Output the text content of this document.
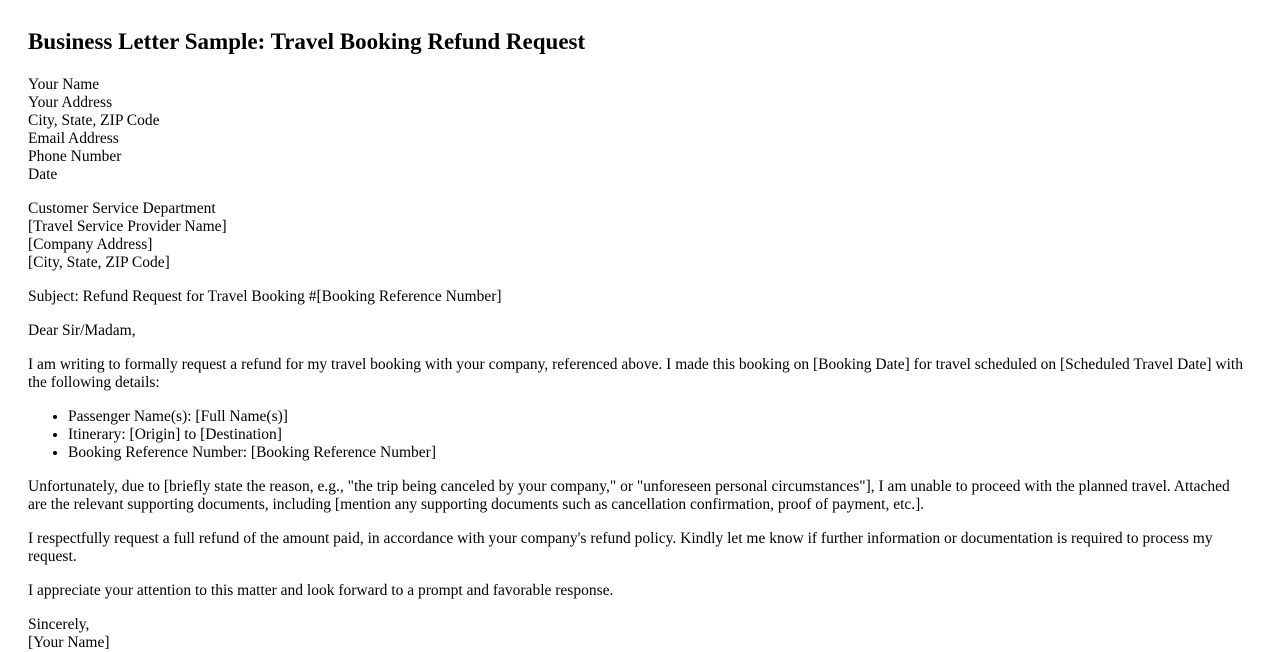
Business Letter Sample: Travel Booking Refund Request
Your Name
Your Address
City, State, ZIP Code
Email Address
Phone Number
Date
Customer Service Department
[Travel Service Provider Name]
[Company Address]
[City, State, ZIP Code]

Subject: Refund Request for Travel Booking #[Booking Reference Number]

Dear Sir/Madam,

I am writing to formally request a refund for my travel booking with your company, referenced above. I made this booking on [Booking Date] for travel scheduled on [Scheduled Travel Date] with the following details:

• Passenger Name(s): [Full Name(s)]
• Itinerary: [Origin] to [Destination]
• Booking Reference Number: [Booking Reference Number]

Unfortunately, due to [briefly state the reason, e.g., "the trip being canceled by your company," or "unforeseen personal circumstances"], I am unable to proceed with the planned travel. Attached are the relevant supporting documents, including [mention any supporting documents such as cancellation confirmation, proof of payment, etc.].

I respectfully request a full refund of the amount paid, in accordance with your company's refund policy. Kindly let me know if further information or documentation is required to process my request.

I appreciate your attention to this matter and look forward to a prompt and favorable response.

Sincerely,
[Your Name]
